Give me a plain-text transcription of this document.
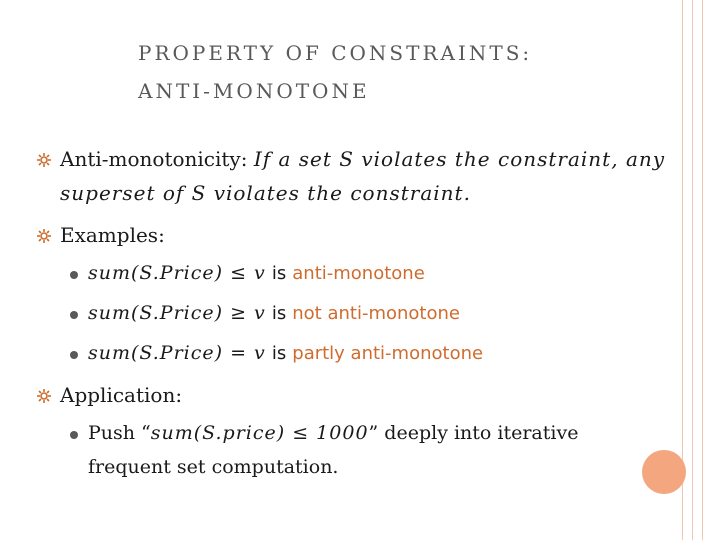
PROPERTY OF CONSTRAINTS:
ANTI-MONOTONE
Anti-monotonicity: If a set S violates the constraint, any
superset of S violates the constraint.
Examples:
sum(S.Price) ≤ v is anti-monotone
sum(S.Price) ≥ v is not anti-monotone
sum(S.Price) = v is partly anti-monotone
Application:
Push “sum(S.price) ≤ 1000” deeply into iterative
frequent set computation.
